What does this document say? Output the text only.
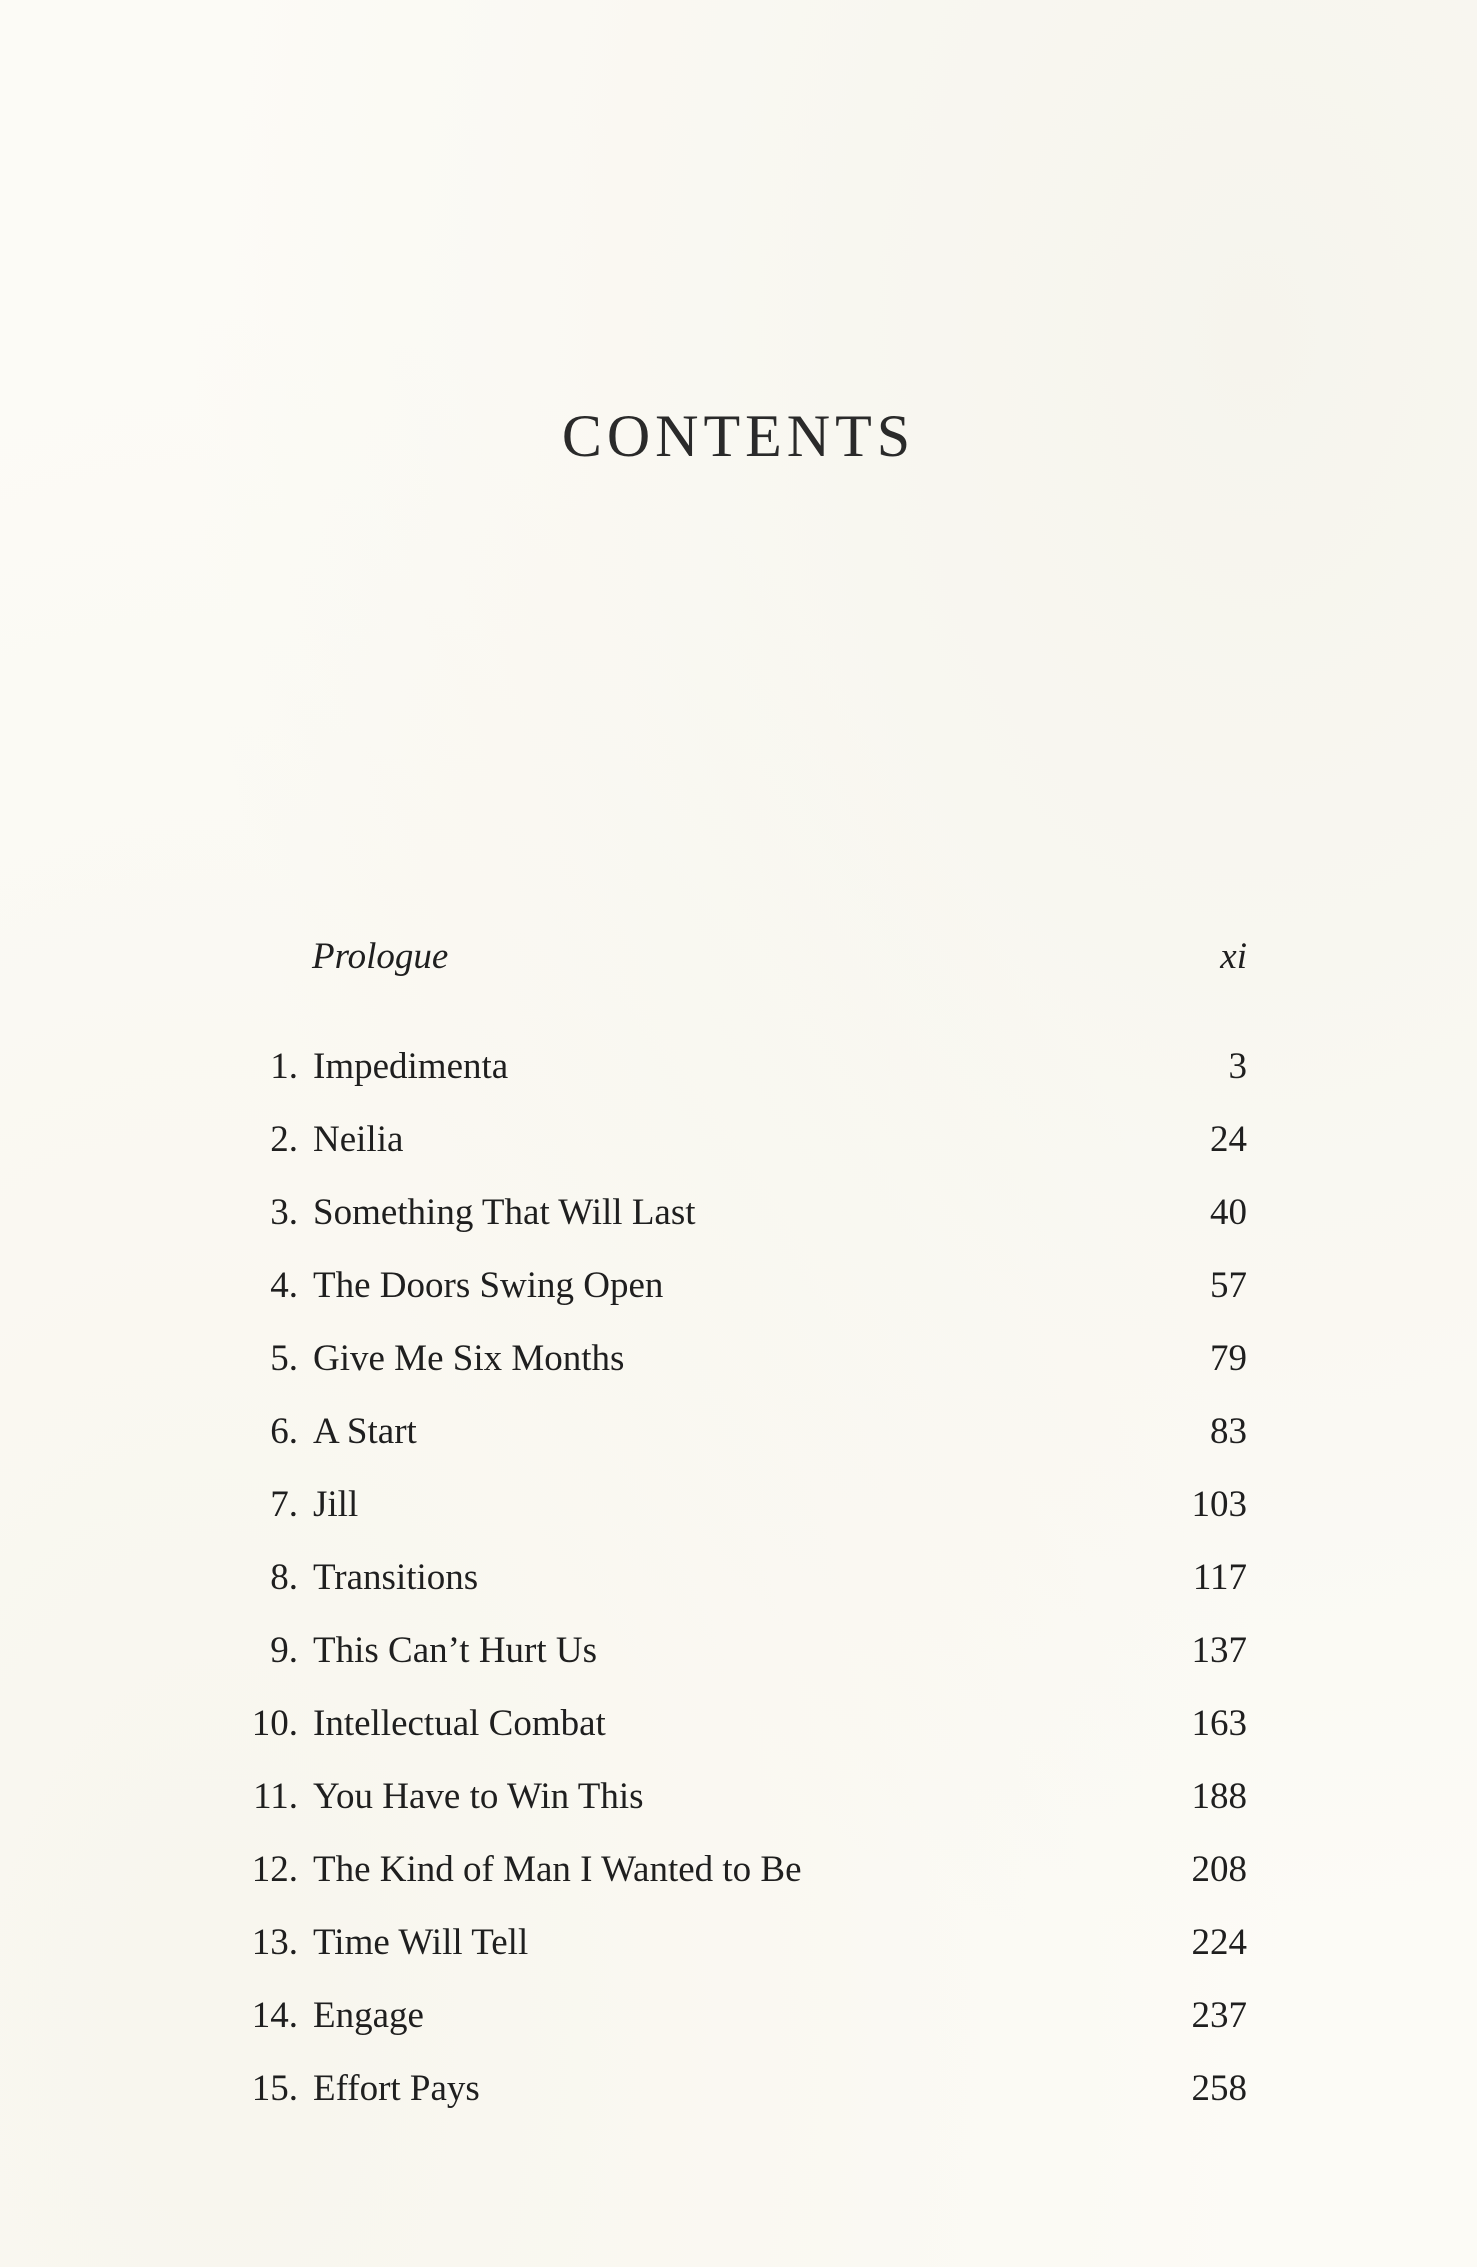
CONTENTS
Prologue	xi
1. Impedimenta	3
2. Neilia	24
3. Something That Will Last	40
4. The Doors Swing Open	57
5. Give Me Six Months	79
6. A Start	83
7. Jill	103
8. Transitions	117
9. This Can’t Hurt Us	137
10. Intellectual Combat	163
11. You Have to Win This	188
12. The Kind of Man I Wanted to Be	208
13. Time Will Tell	224
14. Engage	237
15. Effort Pays	258
